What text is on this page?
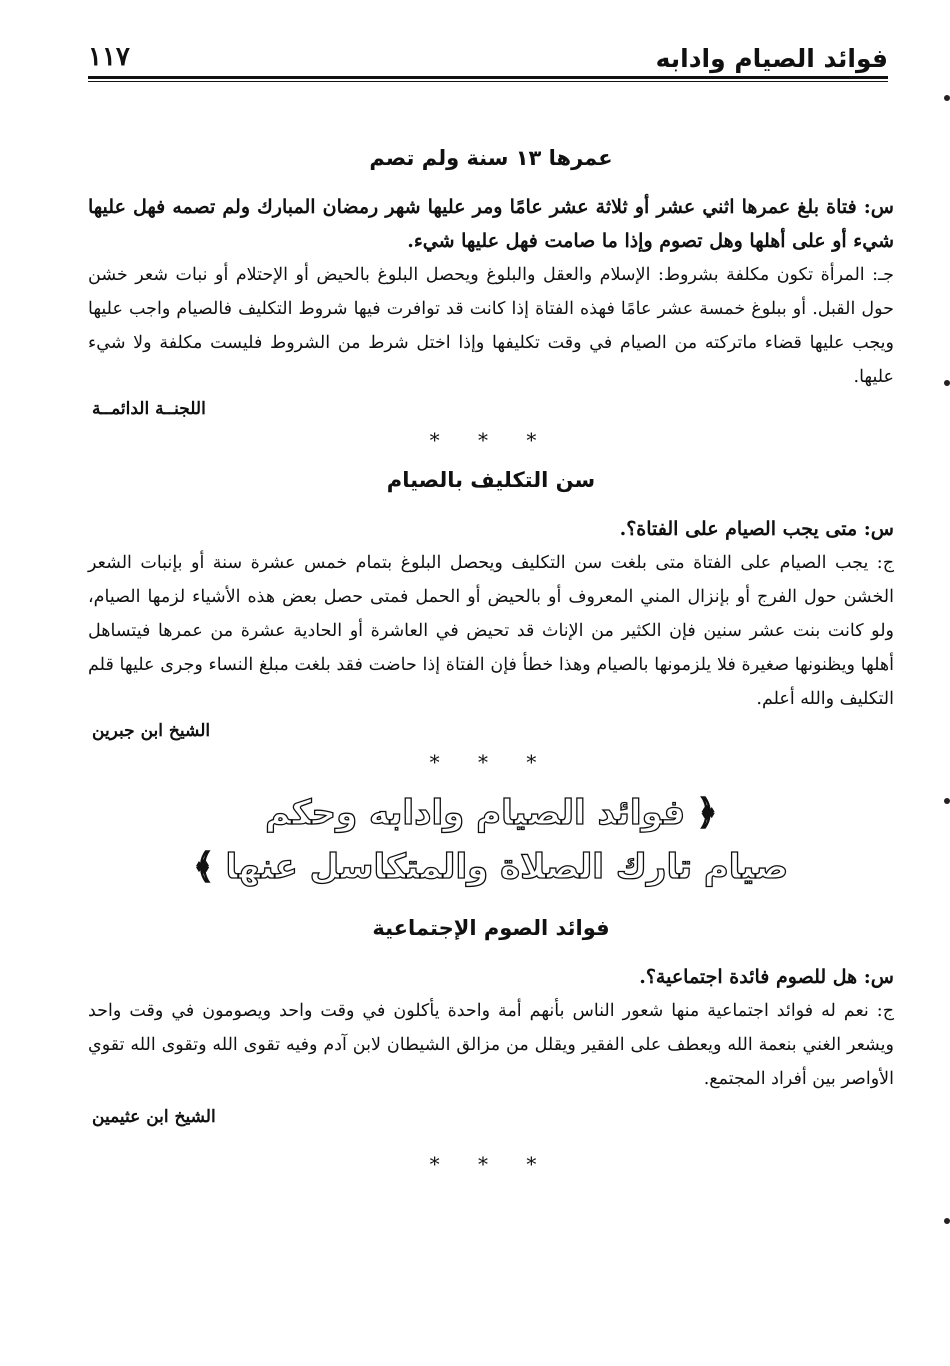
فوائد الصيام وادابه
١١٧
عمرها ١٣ سنة ولم تصم

س: فتاة بلغ عمرها اثني عشر أو ثلاثة عشر عامًا ومر عليها شهر رمضان المبارك ولم تصمه فهل عليها شيء أو على أهلها وهل تصوم وإذا ما صامت فهل عليها شيء.

جـ: المرأة تكون مكلفة بشروط: الإسلام والعقل والبلوغ ويحصل البلوغ بالحيض أو الإحتلام أو نبات شعر خشن حول القبل. أو ببلوغ خمسة عشر عامًا فهذه الفتاة إذا كانت قد توافرت فيها شروط التكليف فالصيام واجب عليها ويجب عليها قضاء ماتركته من الصيام في وقت تكليفها وإذا اختل شرط من الشروط فليست مكلفة ولا شيء عليها.

اللجنــة الدائمــة

* * *
سن التكليف بالصيام

س: متى يجب الصيام على الفتاة؟.

ج: يجب الصيام على الفتاة متى بلغت سن التكليف ويحصل البلوغ بتمام خمس عشرة سنة أو بإنبات الشعر الخشن حول الفرج أو بإنزال المني المعروف أو بالحيض أو الحمل فمتى حصل بعض هذه الأشياء لزمها الصيام، ولو كانت بنت عشر سنين فإن الكثير من الإناث قد تحيض في العاشرة أو الحادية عشرة من عمرها فيتساهل أهلها ويظنونها صغيرة فلا يلزمونها بالصيام وهذا خطأ فإن الفتاة إذا حاضت فقد بلغت مبلغ النساء وجرى عليها قلم التكليف والله أعلم.

الشيخ ابن جبرين

* * *
﴿ فوائد الصيام وادابه وحكم
صيام تارك الصلاة والمتكاسل عنها ﴾
فوائد الصوم الإجتماعية

س: هل للصوم فائدة اجتماعية؟.

ج: نعم له فوائد اجتماعية منها شعور الناس بأنهم أمة واحدة يأكلون في وقت واحد ويصومون في وقت واحد ويشعر الغني بنعمة الله ويعطف على الفقير ويقلل من مزالق الشيطان لابن آدم وفيه تقوى الله وتقوى الله تقوي الأواصر بين أفراد المجتمع.

الشيخ ابن عثيمين

* * *
